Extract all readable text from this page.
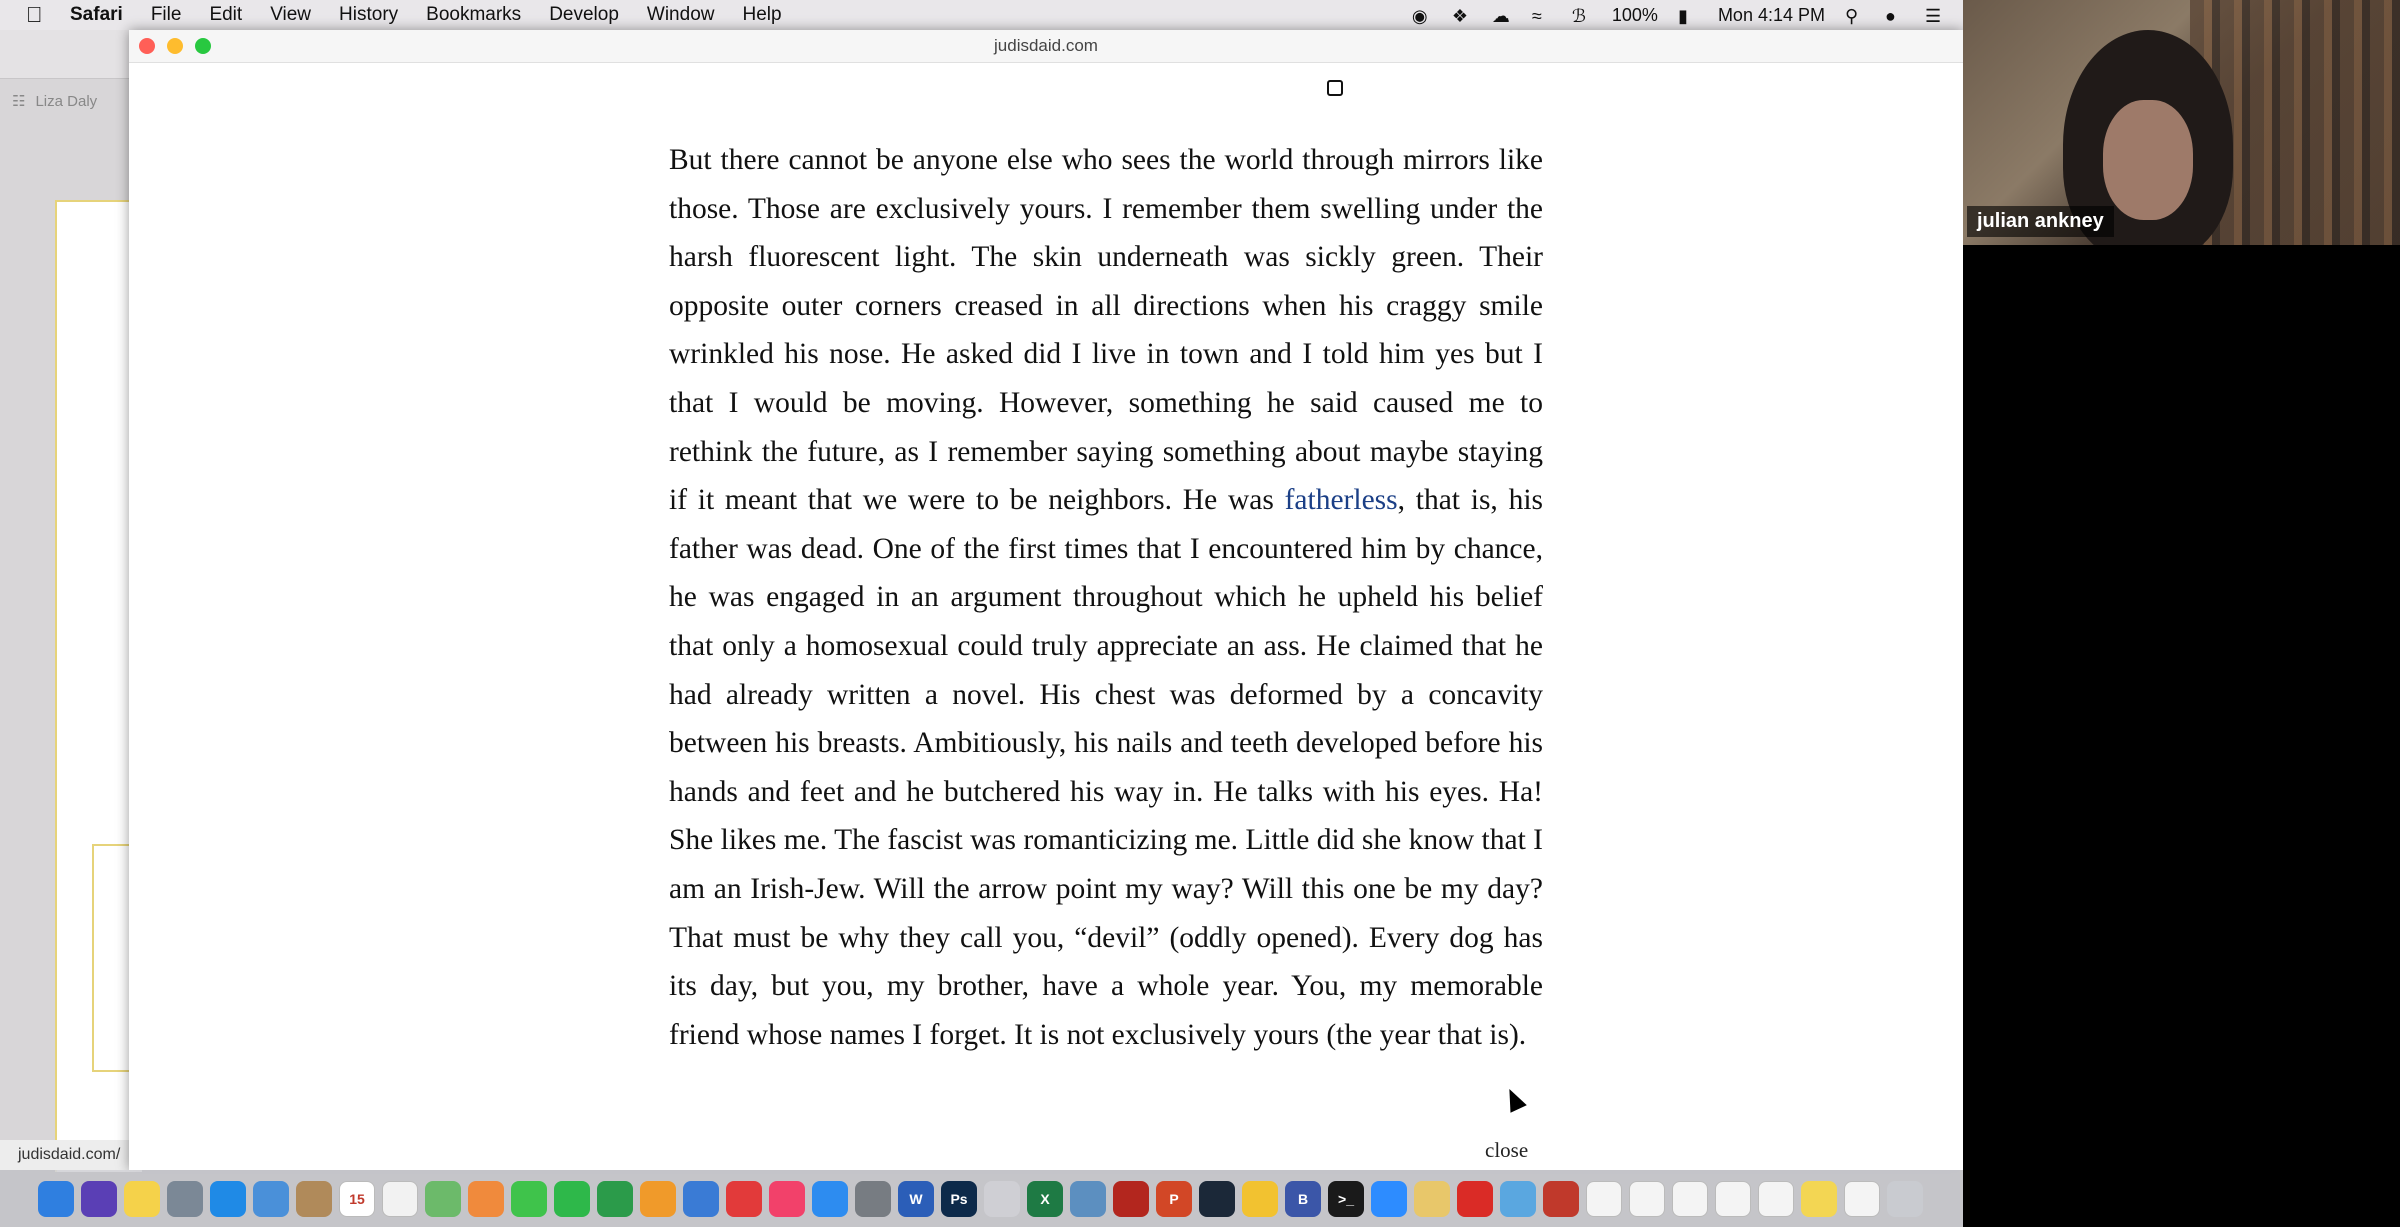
Safari File Edit View History Bookmarks Develop Window Help	◉ ❖ ☁ ≈	ℬ	100% ▮	Mon 4:14 PM ⚲	●	☰
☷ Liza Daly
judisdaid.com/
judisdaid.com
But there cannot be anyone else who sees the world through mirrors like those. Those are exclusively yours. I remember them swelling under the harsh fluorescent light. The skin underneath was sickly green. Their opposite outer corners creased in all directions when his craggy smile wrinkled his nose. He asked did I live in town and I told him yes but I that I would be moving. However, something he said caused me to rethink the future, as I remember saying something about maybe staying if it meant that we were to be neighbors. He was fatherless, that is, his father was dead. One of the first times that I encountered him by chance, he was engaged in an argument throughout which he upheld his belief that only a homosexual could truly appreciate an ass. He claimed that he had already written a novel. His chest was deformed by a concavity between his breasts. Ambitiously, his nails and teeth developed before his hands and feet and he butchered his way in. He talks with his eyes. Ha! She likes me. The fascist was romanticizing me. Little did she know that I am an Irish-Jew. Will the arrow point my way? Will this one be my day? That must be why they call you, “devil” (oddly opened). Every dog has its day, but you, my brother, have a whole year. You, my memorable friend whose names I forget. It is not exclusively yours (the year that is).
close
julian ankney
15	W	Ps	X	P	B	>_
